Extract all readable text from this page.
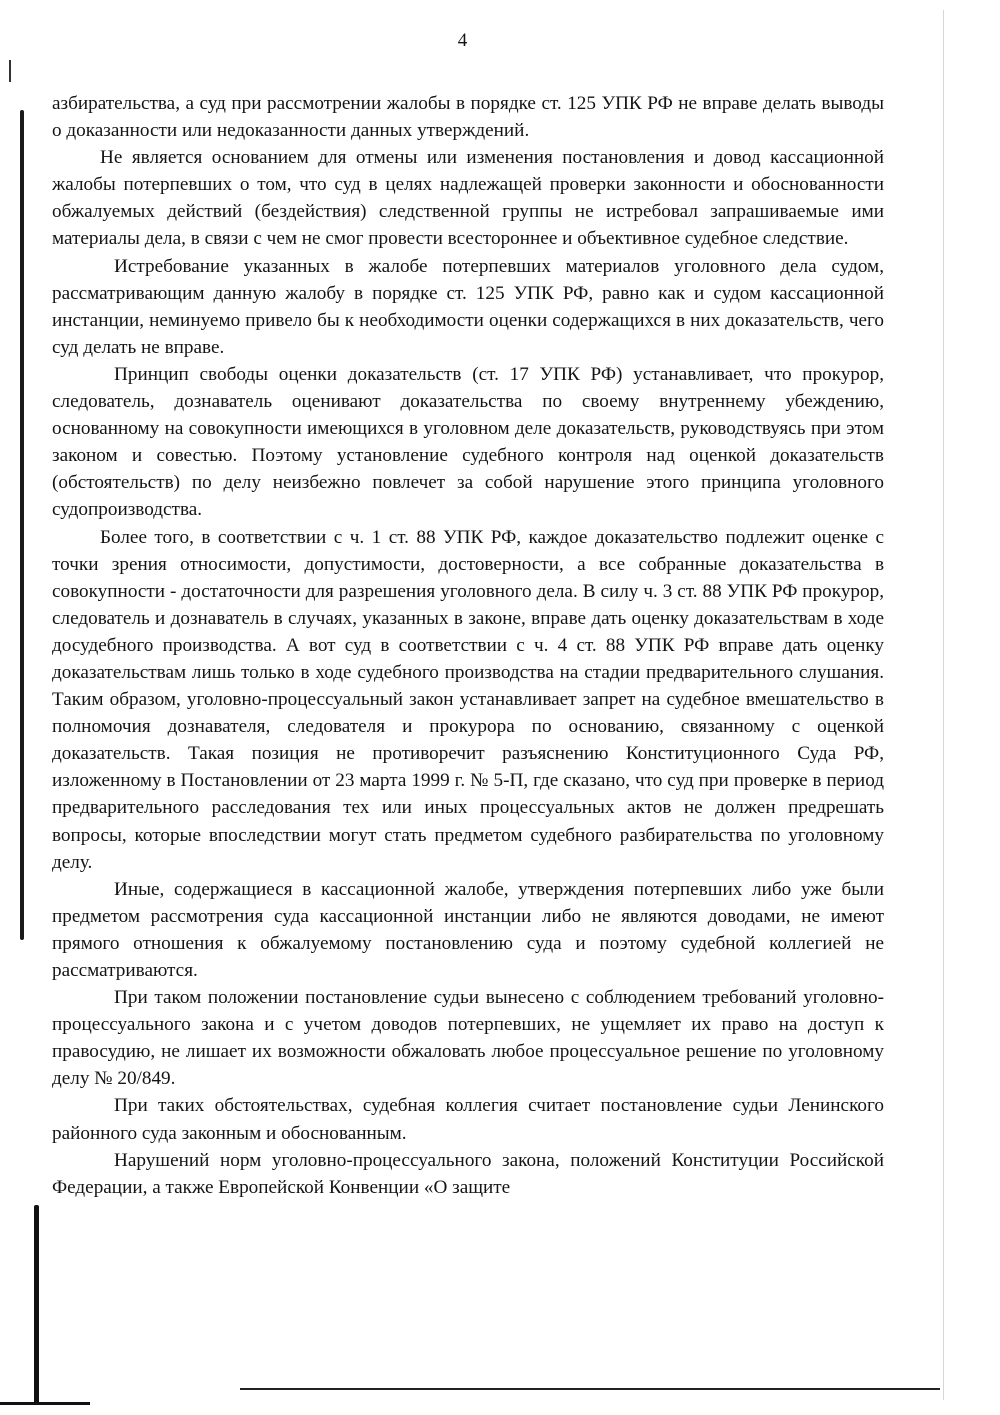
4

азбирательства, а суд при рассмотрении жалобы в порядке ст. 125 УПК РФ не вправе делать выводы о доказанности или недоказанности данных утверждений.

Не является основанием для отмены или изменения постановления и довод кассационной жалобы потерпевших о том, что суд в целях надлежащей проверки законности и обоснованности обжалуемых действий (бездействия) следственной группы не истребовал запрашиваемые ими материалы дела, в связи с чем не смог провести всестороннее и объективное судебное следствие.

Истребование указанных в жалобе потерпевших материалов уголовного дела судом, рассматривающим данную жалобу в порядке ст. 125 УПК РФ, равно как и судом кассационной инстанции, неминуемо привело бы к необходимости оценки содержащихся в них доказательств, чего суд делать не вправе.

Принцип свободы оценки доказательств (ст. 17 УПК РФ) устанавливает, что прокурор, следователь, дознаватель оценивают доказательства по своему внутреннему убеждению, основанному на совокупности имеющихся в уголовном деле доказательств, руководствуясь при этом законом и совестью. Поэтому установление судебного контроля над оценкой доказательств (обстоятельств) по делу неизбежно повлечет за собой нарушение этого принципа уголовного судопроизводства.

Более того, в соответствии с ч. 1 ст. 88 УПК РФ, каждое доказательство подлежит оценке с точки зрения относимости, допустимости, достоверности, а все собранные доказательства в совокупности - достаточности для разрешения уголовного дела. В силу ч. 3 ст. 88 УПК РФ прокурор, следователь и дознаватель в случаях, указанных в законе, вправе дать оценку доказательствам в ходе досудебного производства. А вот суд в соответствии с ч. 4 ст. 88 УПК РФ вправе дать оценку доказательствам лишь только в ходе судебного производства на стадии предварительного слушания. Таким образом, уголовно-процессуальный закон устанавливает запрет на судебное вмешательство в полномочия дознавателя, следователя и прокурора по основанию, связанному с оценкой доказательств. Такая позиция не противоречит разъяснению Конституционного Суда РФ, изложенному в Постановлении от 23 марта 1999 г. № 5-П, где сказано, что суд при проверке в период предварительного расследования тех или иных процессуальных актов не должен предрешать вопросы, которые впоследствии могут стать предметом судебного разбирательства по уголовному делу.

Иные, содержащиеся в кассационной жалобе, утверждения потерпевших либо уже были предметом рассмотрения суда кассационной инстанции либо не являются доводами, не имеют прямого отношения к обжалуемому постановлению суда и поэтому судебной коллегией не рассматриваются.

При таком положении постановление судьи вынесено с соблюдением требований уголовно-процессуального закона и с учетом доводов потерпевших, не ущемляет их право на доступ к правосудию, не лишает их возможности обжаловать любое процессуальное решение по уголовному делу № 20/849.

При таких обстоятельствах, судебная коллегия считает постановление судьи Ленинского районного суда законным и обоснованным.

Нарушений норм уголовно-процессуального закона, положений Конституции Российской Федерации, а также Европейской Конвенции «О защите
